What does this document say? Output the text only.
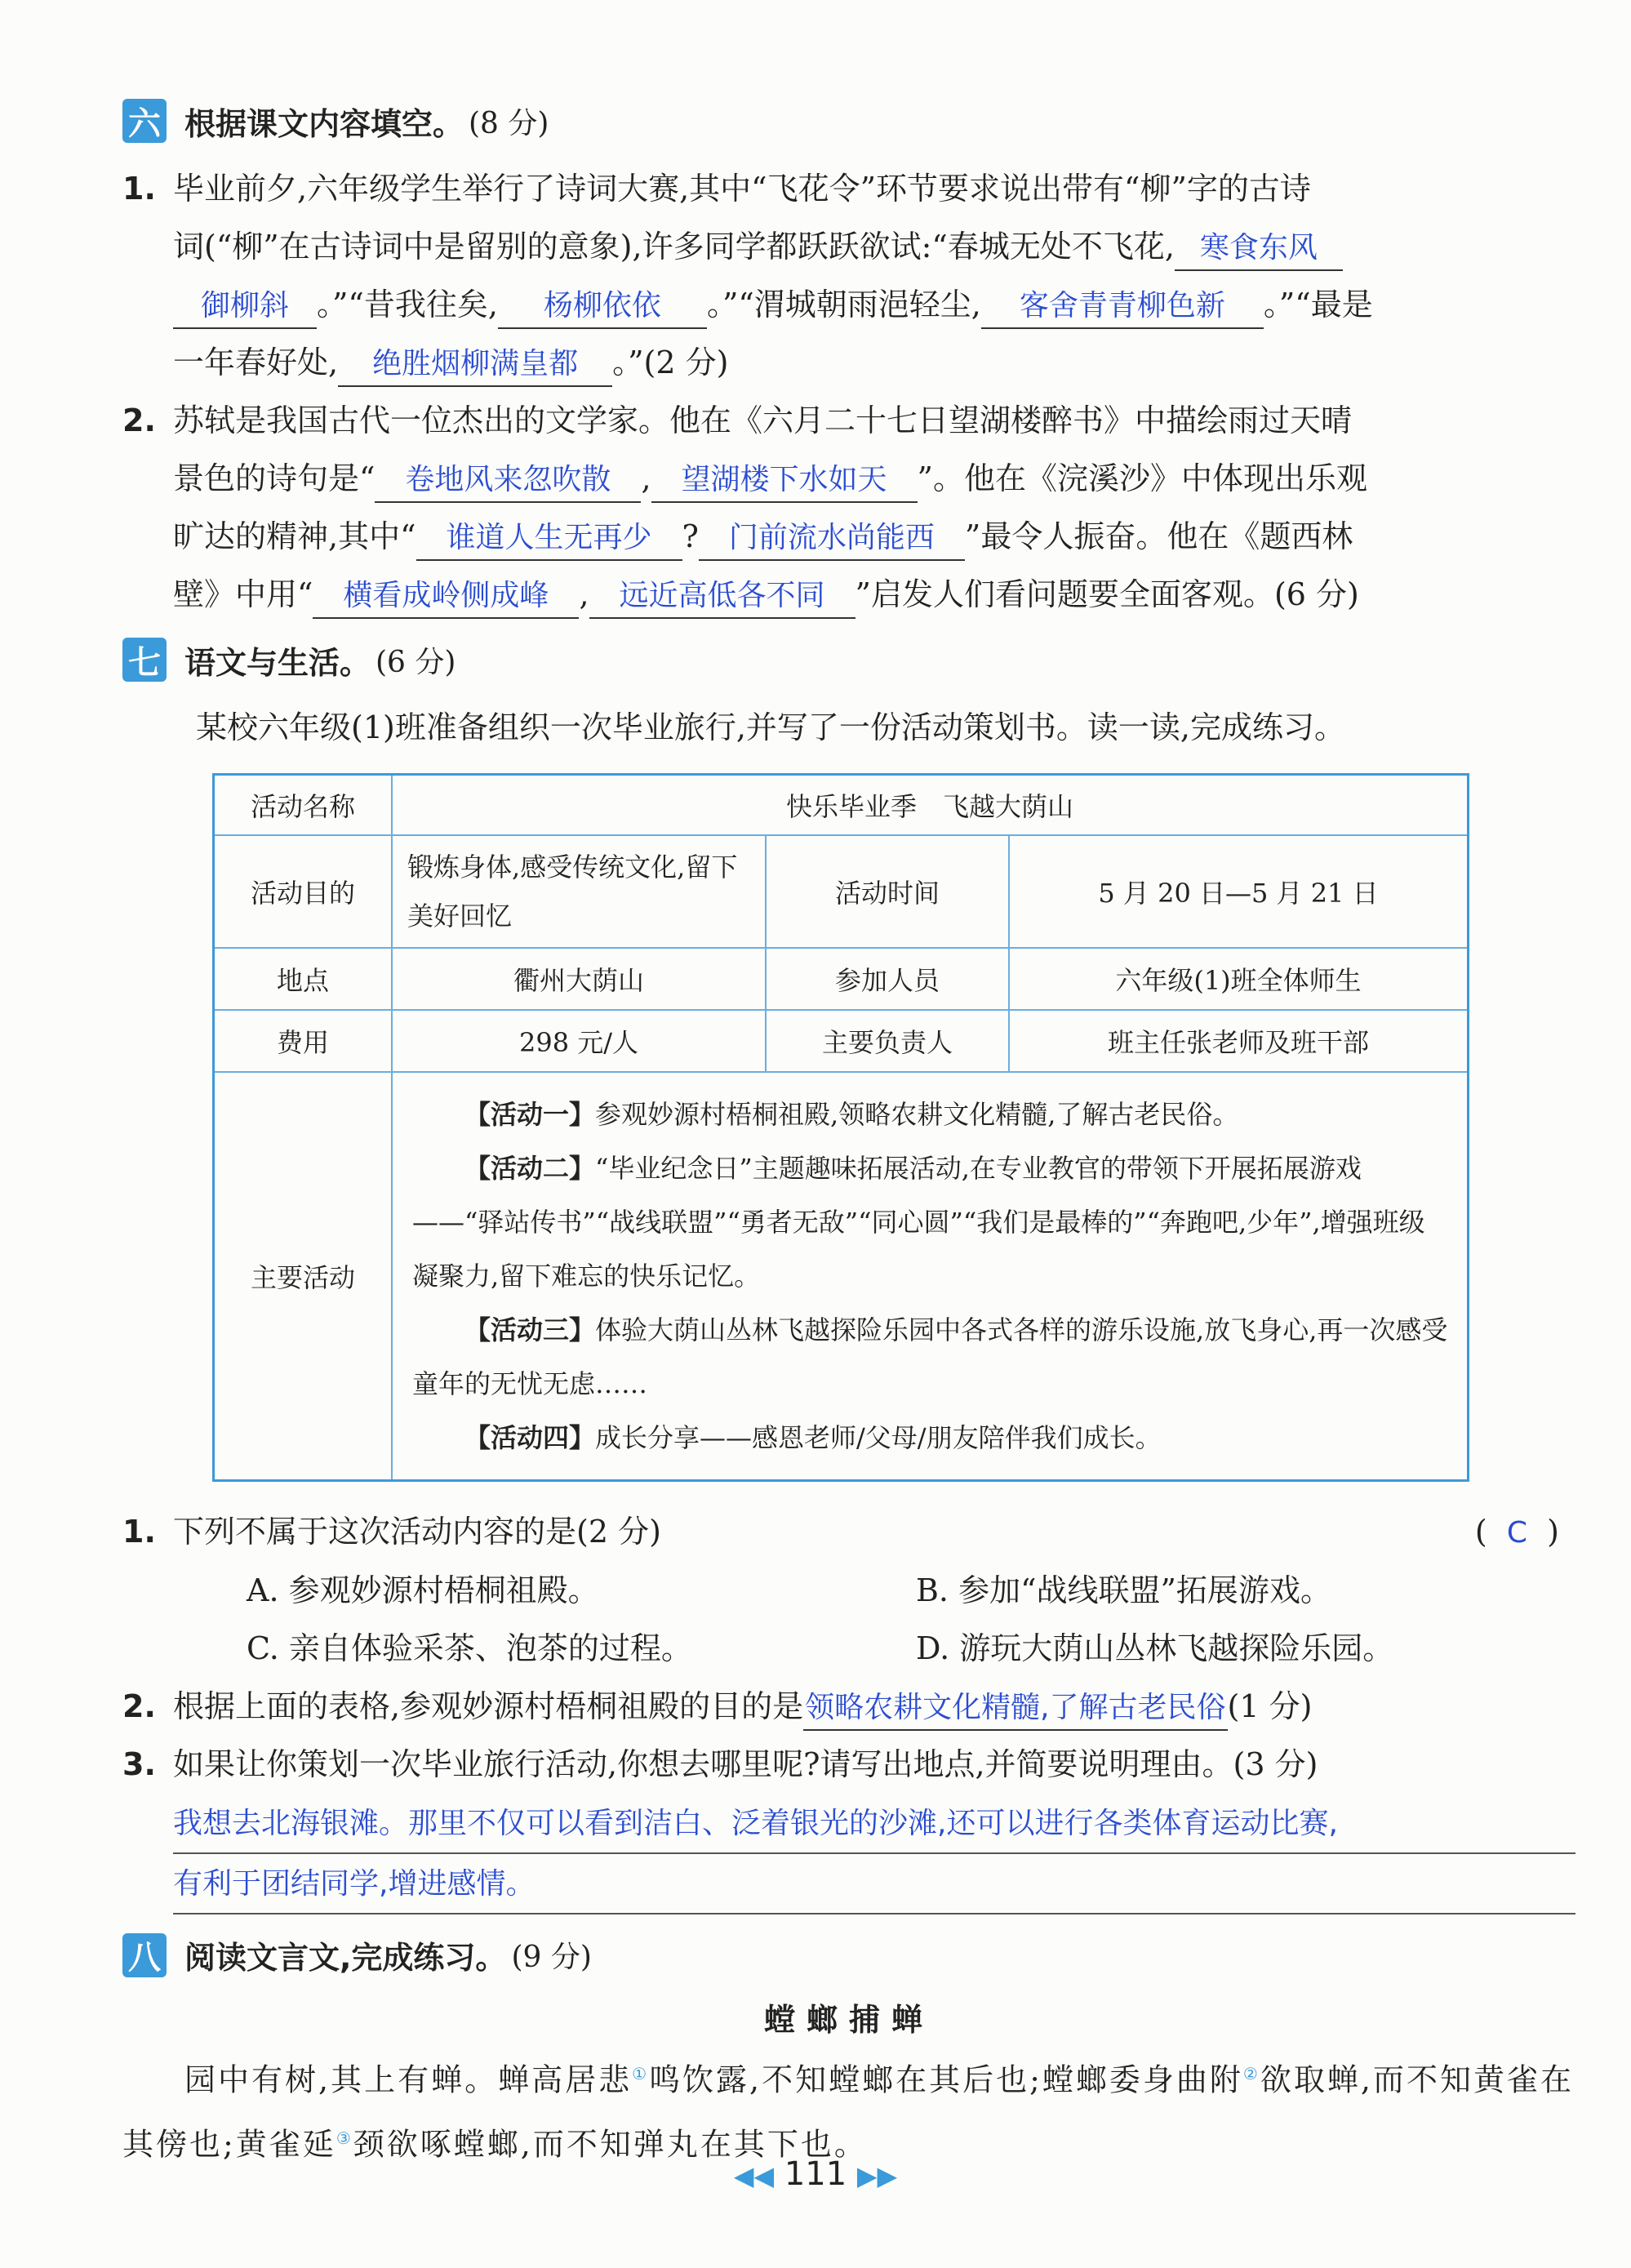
六 根据课文内容填空。 (8 分)
1. 毕业前夕,六年级学生举行了诗词大赛,其中“飞花令”环节要求说出带有“柳”字的古诗
词(“柳”在古诗词中是留别的意象),许多同学都跃跃欲试:“春城无处不飞花, 寒食东风
御柳斜 。”“昔我往矣, 杨柳依依 。”“渭城朝雨浥轻尘, 客舍青青柳色新 。”“最是
一年春好处, 绝胜烟柳满皇都 。”(2 分)
2. 苏轼是我国古代一位杰出的文学家。他在《六月二十七日望湖楼醉书》中描绘雨过天晴
景色的诗句是“ 卷地风来忽吹散 , 望湖楼下水如天 ”。他在《浣溪沙》中体现出乐观
旷达的精神,其中“ 谁道人生无再少 ? 门前流水尚能西 ”最令人振奋。他在《题西林
壁》中用“ 横看成岭侧成峰 , 远近高低各不同 ”启发人们看问题要全面客观。(6 分)
七 语文与生活。 (6 分)
某校六年级(1)班准备组织一次毕业旅行,并写了一份活动策划书。读一读,完成练习。
活动名称	快乐毕业季　飞越大荫山		
活动目的	锻炼身体,感受传统文化,留下美好回忆	活动时间	5 月 20 日—5 月 21 日
地点	衢州大荫山	参加人员	六年级(1)班全体师生
费用	298 元/人	主要负责人	班主任张老师及班干部
主要活动	【活动一】参观妙源村梧桐祖殿,领略农耕文化精髓,了解古老民俗。
【活动二】“毕业纪念日”主题趣味拓展活动,在专业教官的带领下开展拓展游戏——“驿站传书”“战线联盟”“勇者无敌”“同心圆”“我们是最棒的”“奔跑吧,少年”,增强班级凝聚力,留下难忘的快乐记忆。
【活动三】体验大荫山丛林飞越探险乐园中各式各样的游乐设施,放飞身心,再一次感受童年的无忧无虑……
【活动四】成长分享——感恩老师/父母/朋友陪伴我们成长。		
1. 下列不属于这次活动内容的是(2 分)	( C )
A. 参观妙源村梧桐祖殿。	B. 参加“战线联盟”拓展游戏。
C. 亲自体验采茶、泡茶的过程。	D. 游玩大荫山丛林飞越探险乐园。
2. 根据上面的表格,参观妙源村梧桐祖殿的目的是领略农耕文化精髓,了解古老民俗(1 分)
3. 如果让你策划一次毕业旅行活动,你想去哪里呢?请写出地点,并简要说明理由。(3 分)
我想去北海银滩。那里不仅可以看到洁白、泛着银光的沙滩,还可以进行各类体育运动比赛,
有利于团结同学,增进感情。
八 阅读文言文,完成练习。 (9 分)
螳螂捕蝉
园中有树,其上有蝉。蝉高居悲①鸣饮露,不知螳螂在其后也;螳螂委身曲附②欲取蝉,而不知黄雀在其傍也;黄雀延③颈欲啄螳螂,而不知弹丸在其下也。
◀◀ 111 ▶▶
